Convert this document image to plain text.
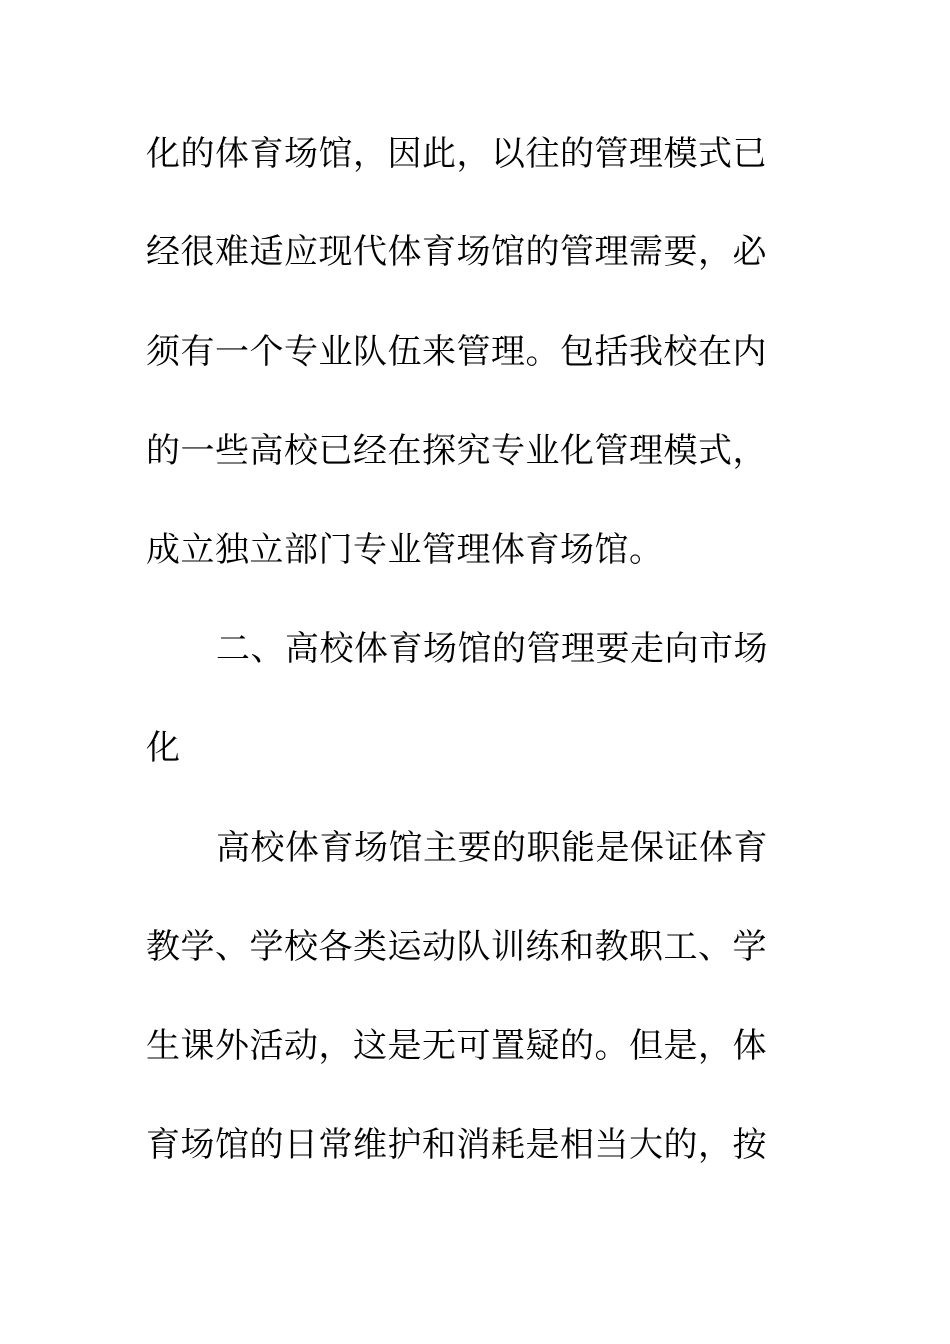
化的体育场馆，因此，以往的管理模式已
经很难适应现代体育场馆的管理需要，必
须有一个专业队伍来管理。包括我校在内
的一些高校已经在探究专业化管理模式，
成立独立部门专业管理体育场馆。
二、高校体育场馆的管理要走向市场
化
高校体育场馆主要的职能是保证体育
教学、学校各类运动队训练和教职工、学
生课外活动，这是无可置疑的。但是，体
育场馆的日常维护和消耗是相当大的，按
